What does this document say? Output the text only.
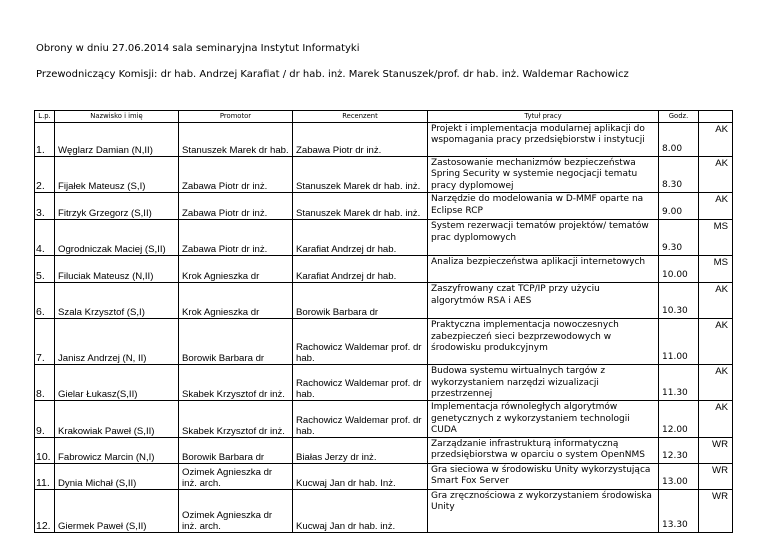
Obrony w dniu 27.06.2014 sala seminaryjna Instytut Informatyki
Przewodniczący Komisji: dr hab. Andrzej Karafiat / dr hab. inż. Marek Stanuszek/prof. dr hab. inż. Waldemar Rachowicz
L.p.	Nazwisko i imię	Promotor	Recenzent	Tytuł pracy	Godz.	
1.	Węglarz Damian (N,II)	Stanuszek Marek dr hab.	Zabawa Piotr dr inż.	Projekt i implementacja modularnej aplikacji do wspomagania pracy przedsiębiorstw i instytucji	8.00	AK
2.	Fijałek Mateusz (S,I)	Zabawa Piotr dr inż.	Stanuszek Marek dr hab. inż.	Zastosowanie mechanizmów bezpieczeństwa Spring Security w systemie negocjacji tematu pracy dyplomowej	8.30	AK
3.	Fitrzyk Grzegorz (S,II)	Zabawa Piotr dr inż.	Stanuszek Marek dr hab. inż.	Narzędzie do modelowania w D-MMF oparte na Eclipse RCP	9.00	AK
4.	Ogrodniczak Maciej (S,II)	Zabawa Piotr dr inż.	Karafiat Andrzej dr hab.	System rezerwacji tematów projektów/ tematów prac dyplomowych	9.30	MS
5.	Filuciak Mateusz (N,II)	Krok Agnieszka dr	Karafiat Andrzej dr hab.	Analiza bezpieczeństwa aplikacji internetowych	10.00	MS
6.	Szala Krzysztof (S,I)	Krok Agnieszka dr	Borowik Barbara dr	Zaszyfrowany czat TCP/IP przy użyciu algorytmów RSA i AES	10.30	AK
7.	Janisz Andrzej (N, II)	Borowik Barbara dr	Rachowicz Waldemar prof. dr hab.	Praktyczna implementacja nowoczesnych zabezpieczeń sieci bezprzewodowych w środowisku produkcyjnym	11.00	AK
8.	Gielar Łukasz(S,II)	Skabek Krzysztof dr inż.	Rachowicz Waldemar prof. dr hab.	Budowa systemu wirtualnych targów z wykorzystaniem narzędzi wizualizacji przestrzennej	11.30	AK
9.	Krakowiak Paweł (S,II)	Skabek Krzysztof dr inż.	Rachowicz Waldemar prof. dr hab.	Implementacja równoległych algorytmów genetycznych z wykorzystaniem technologii CUDA	12.00	AK
10.	Fabrowicz Marcin (N,I)	Borowik Barbara dr	Białas Jerzy dr inż.	Zarządzanie infrastrukturą informatyczną przedsiębiorstwa w oparciu o system OpenNMS	12.30	WR
11.	Dynia Michał (S,II)	Ozimek Agnieszka dr inż. arch.	Kucwaj Jan dr hab. Inż.	Gra sieciowa w środowisku Unity wykorzystująca Smart Fox Server	13.00	WR
12.	Giermek Paweł (S,II)	Ozimek Agnieszka dr inż. arch.	Kucwaj Jan dr hab. inż.	Gra zręcznościowa z wykorzystaniem środowiska Unity	13.30	WR
